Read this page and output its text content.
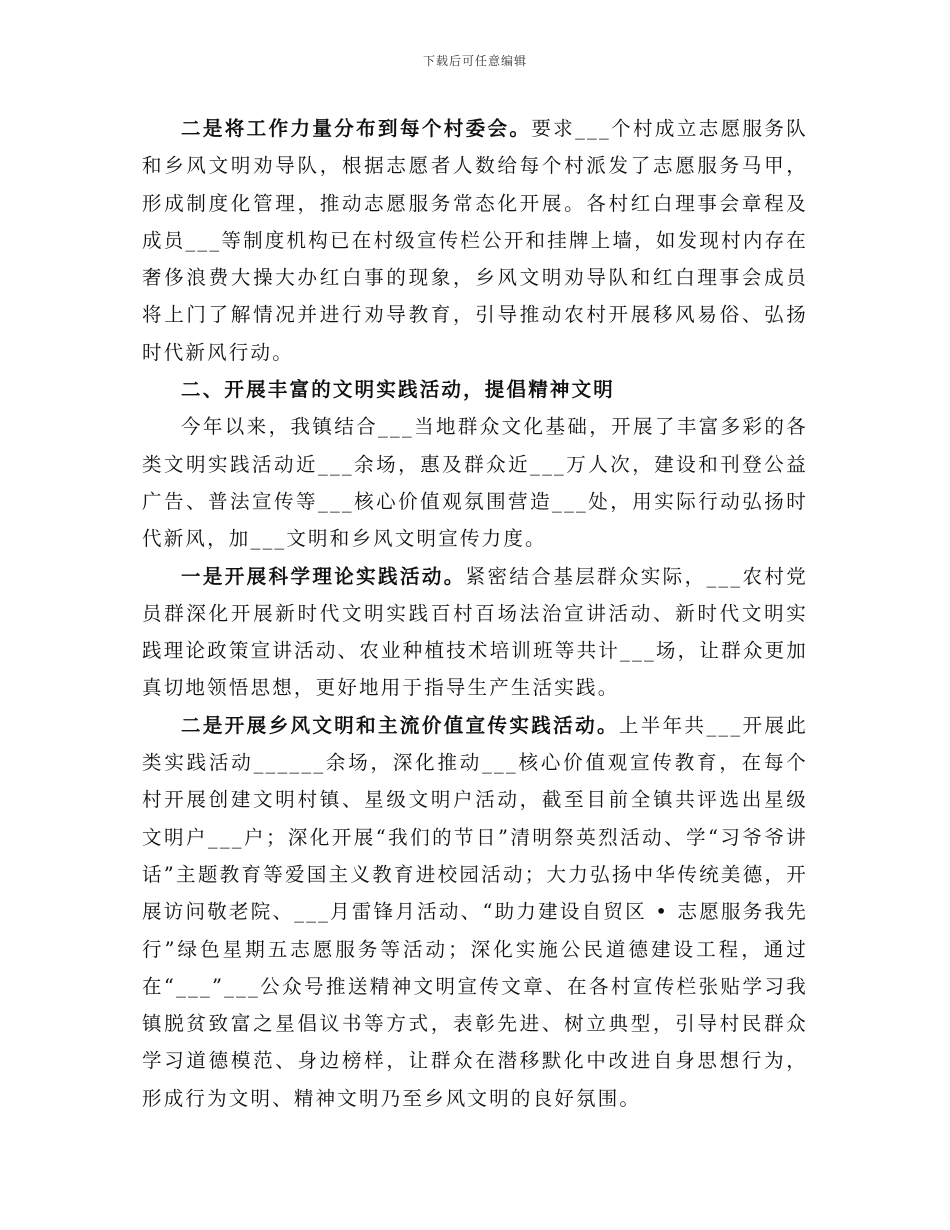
下载后可任意编辑

二是将工作力量分布到每个村委会。要求___个村成立志愿服务队和乡风文明劝导队，根据志愿者人数给每个村派发了志愿服务马甲，形成制度化管理，推动志愿服务常态化开展。各村红白理事会章程及成员___等制度机构已在村级宣传栏公开和挂牌上墙，如发现村内存在奢侈浪费大操大办红白事的现象，乡风文明劝导队和红白理事会成员将上门了解情况并进行劝导教育，引导推动农村开展移风易俗、弘扬时代新风行动。

二、开展丰富的文明实践活动，提倡精神文明

今年以来，我镇结合___当地群众文化基础，开展了丰富多彩的各类文明实践活动近___余场，惠及群众近___万人次，建设和刊登公益广告、普法宣传等___核心价值观氛围营造___处，用实际行动弘扬时代新风，加___文明和乡风文明宣传力度。

一是开展科学理论实践活动。紧密结合基层群众实际，___农村党员群深化开展新时代文明实践百村百场法治宣讲活动、新时代文明实践理论政策宣讲活动、农业种植技术培训班等共计___场，让群众更加真切地领悟思想，更好地用于指导生产生活实践。

二是开展乡风文明和主流价值宣传实践活动。上半年共___开展此类实践活动______余场，深化推动___核心价值观宣传教育，在每个村开展创建文明村镇、星级文明户活动，截至目前全镇共评选出星级文明户___户；深化开展“我们的节日”清明祭英烈活动、学“习爷爷讲话”主题教育等爱国主义教育进校园活动；大力弘扬中华传统美德，开展访问敬老院、___月雷锋月活动、“助力建设自贸区 • 志愿服务我先行”绿色星期五志愿服务等活动；深化实施公民道德建设工程，通过在“___”___公众号推送精神文明宣传文章、在各村宣传栏张贴学习我镇脱贫致富之星倡议书等方式，表彰先进、树立典型，引导村民群众学习道德模范、身边榜样，让群众在潜移默化中改进自身思想行为，形成行为文明、精神文明乃至乡风文明的良好氛围。
